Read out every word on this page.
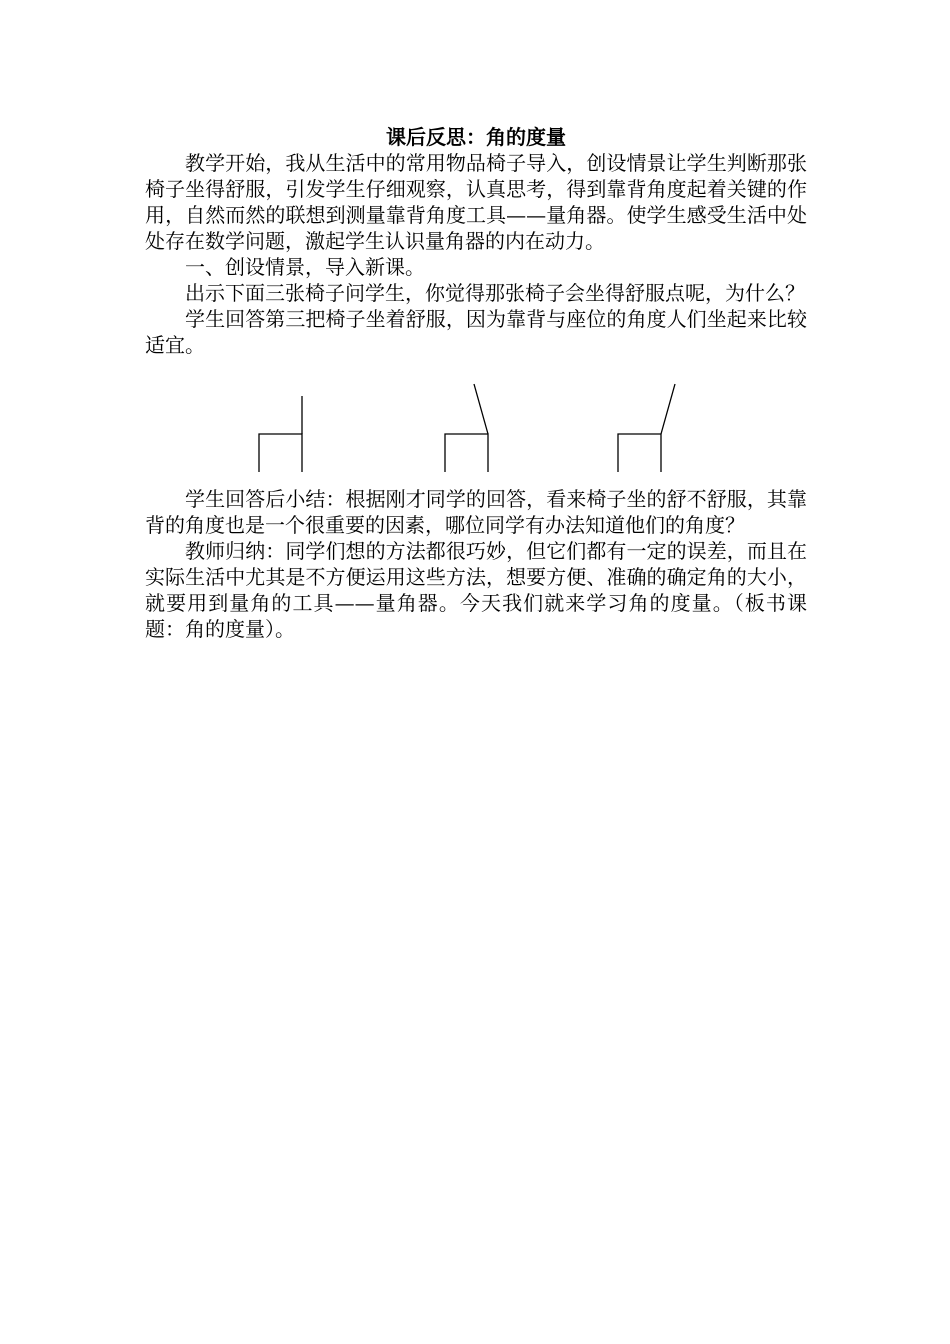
课后反思：角的度量

教学开始，我从生活中的常用物品椅子导入，创设情景让学生判断那张椅子坐得舒服，引发学生仔细观察，认真思考，得到靠背角度起着关键的作用，自然而然的联想到测量靠背角度工具——量角器。使学生感受生活中处处存在数学问题，激起学生认识量角器的内在动力。

一、创设情景，导入新课。

出示下面三张椅子问学生，你觉得那张椅子会坐得舒服点呢，为什么？

学生回答第三把椅子坐着舒服，因为靠背与座位的角度人们坐起来比较适宜。

学生回答后小结：根据刚才同学的回答，看来椅子坐的舒不舒服，其靠背的角度也是一个很重要的因素，哪位同学有办法知道他们的角度？

教师归纳：同学们想的方法都很巧妙，但它们都有一定的误差，而且在实际生活中尤其是不方便运用这些方法，想要方便、准确的确定角的大小，就要用到量角的工具——量角器。今天我们就来学习角的度量。（板书课题：角的度量）。
